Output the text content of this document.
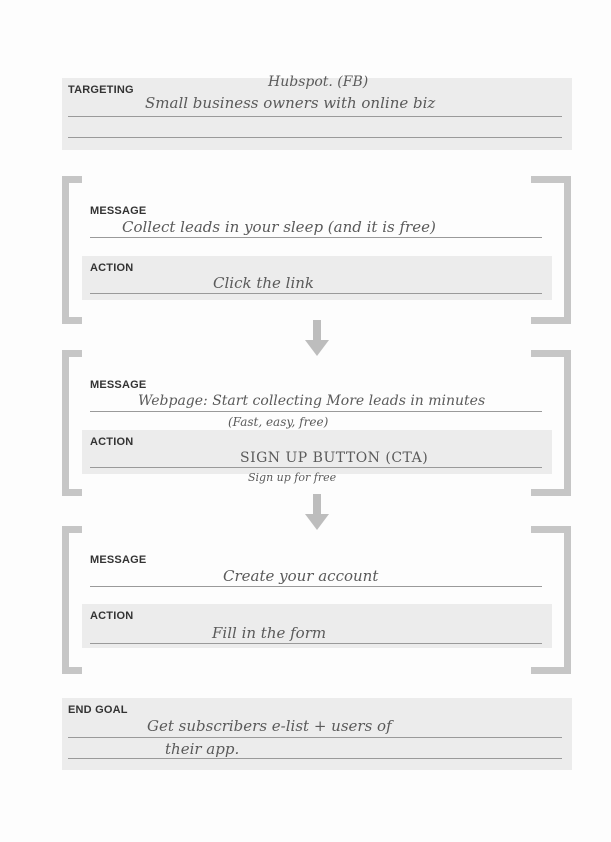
TARGETING	Hubspot. (FB)
Small business owners with online biz
MESSAGE
Collect leads in your sleep (and it is free)
ACTION
Click the link
MESSAGE
Webpage: Start collecting More leads in minutes
(Fast, easy, free)
ACTION
SIGN UP BUTTON (CTA)
Sign up for free
MESSAGE
Create your account
ACTION
Fill in the form
END GOAL
Get subscribers e-list + users of
their app.
